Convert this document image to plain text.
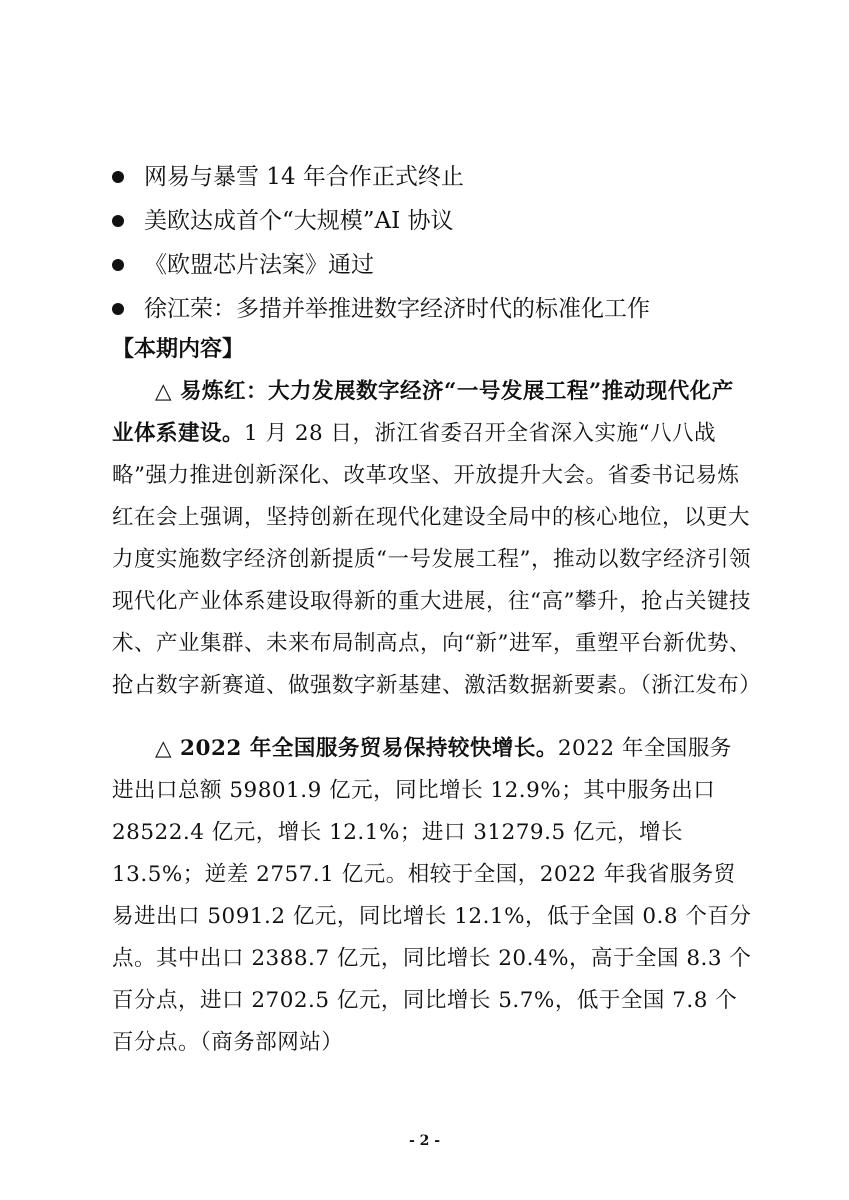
网易与暴雪 14 年合作正式终止
美欧达成首个“大规模”AI 协议
《欧盟芯片法案》通过
徐江荣：多措并举推进数字经济时代的标准化工作
【本期内容】

△ 易炼红：大力发展数字经济“一号发展工程”推动现代化产业体系建设。1 月 28 日，浙江省委召开全省深入实施“八八战略”强力推进创新深化、改革攻坚、开放提升大会。省委书记易炼红在会上强调，坚持创新在现代化建设全局中的核心地位，以更大力度实施数字经济创新提质“一号发展工程”，推动以数字经济引领现代化产业体系建设取得新的重大进展，往“高”攀升，抢占关键技术、产业集群、未来布局制高点，向“新”进军，重塑平台新优势、抢占数字新赛道、做强数字新基建、激活数据新要素。（浙江发布）

△ 2022 年全国服务贸易保持较快增长。2022 年全国服务进出口总额 59801.9 亿元，同比增长 12.9%；其中服务出口 28522.4 亿元，增长 12.1%；进口 31279.5 亿元，增长 13.5%；逆差 2757.1 亿元。相较于全国，2022 年我省服务贸易进出口 5091.2 亿元，同比增长 12.1%，低于全国 0.8 个百分点。其中出口 2388.7 亿元，同比增长 20.4%，高于全国 8.3 个百分点，进口 2702.5 亿元，同比增长 5.7%，低于全国 7.8 个百分点。（商务部网站）

- 2 -
